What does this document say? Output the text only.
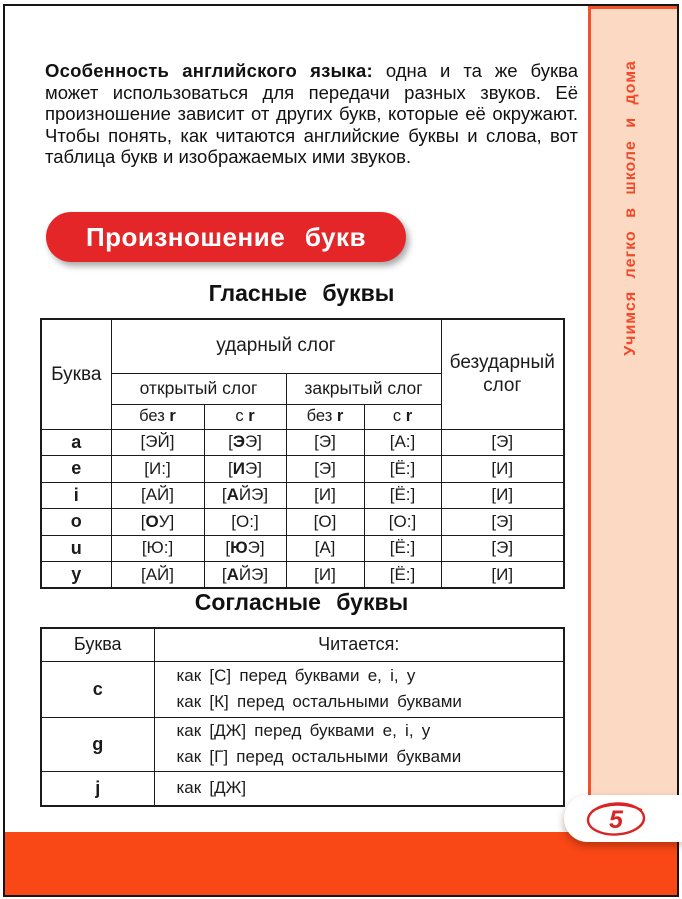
Учимся легко в школе и дома

Особенность английского языка: одна и та же буква может использоваться для передачи разных звуков. Её произношение зависит от других букв, которые её окружают. Чтобы понять, как читаются английские буквы и слова, вот таблица букв и изображаемых ими звуков.

Произношение букв
Гласные буквы
Буква	ударный слог				безударный слог
	открытый слог		закрытый слог		
	без r	с r	без r	с r	
a	[ЭЙ]	[ЭЭ]	[Э]	[А:]	[Э]
e	[И:]	[ИЭ]	[Э]	[Ё:]	[И]
i	[АЙ]	[АЙЭ]	[И]	[Ё:]	[И]
o	[ОУ]	[О:]	[О]	[О:]	[Э]
u	[Ю:]	[ЮЭ]	[А]	[Ё:]	[Э]
y	[АЙ]	[АЙЭ]	[И]	[Ё:]	[И]
Согласные буквы
Буква	Читается:
c	как [С] перед буквами e, i, y
как [К] перед остальными буквами

g	как [ДЖ] перед буквами e, i, y
как [Г] перед остальными буквами

j	как [ДЖ]
5
